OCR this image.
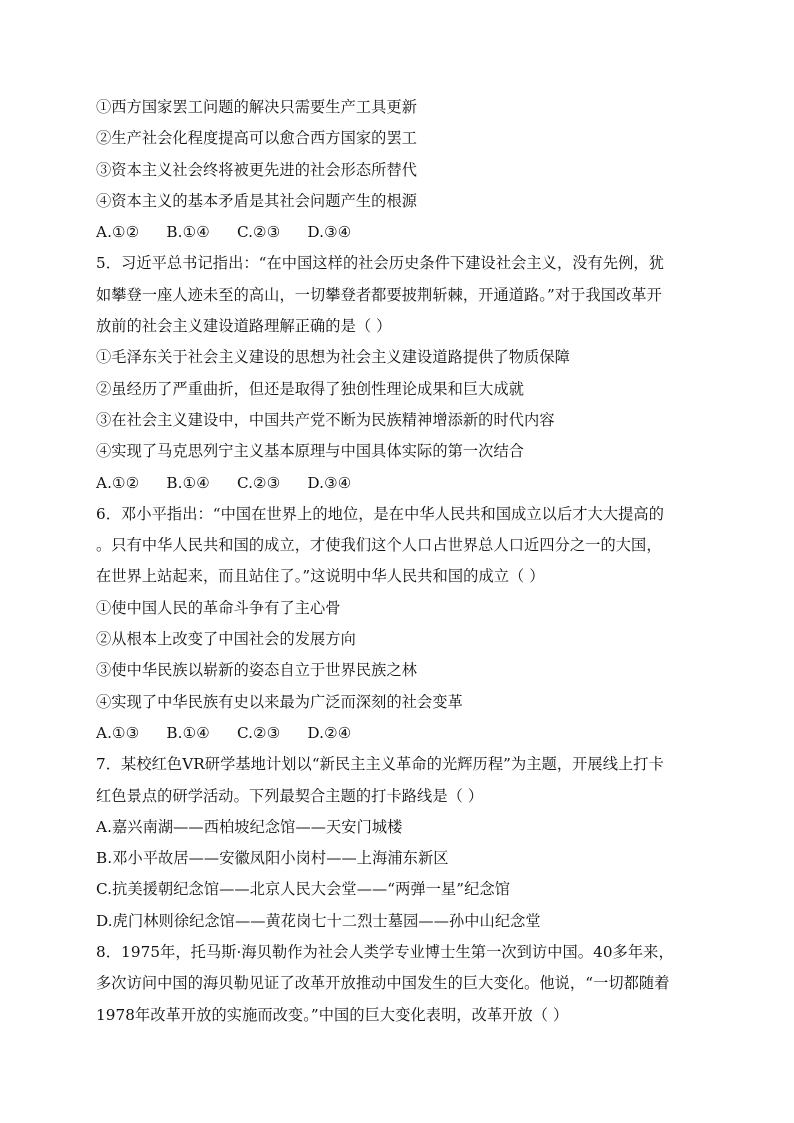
①西方国家罢工问题的解决只需要生产工具更新
②生产社会化程度提高可以愈合西方国家的罢工
③资本主义社会终将被更先进的社会形态所替代
④资本主义的基本矛盾是其社会问题产生的根源
A.①② B.①④ C.②③ D.③④
5．习近平总书记指出：“在中国这样的社会历史条件下建设社会主义，没有先例，犹
如攀登一座人迹未至的高山，一切攀登者都要披荆斩棘，开通道路。”对于我国改革开
放前的社会主义建设道路理解正确的是（ ）
①毛泽东关于社会主义建设的思想为社会主义建设道路提供了物质保障
②虽经历了严重曲折，但还是取得了独创性理论成果和巨大成就
③在社会主义建设中，中国共产党不断为民族精神增添新的时代内容
④实现了马克思列宁主义基本原理与中国具体实际的第一次结合
A.①② B.①④ C.②③ D.③④
6．邓小平指出：“中国在世界上的地位，是在中华人民共和国成立以后才大大提高的
。只有中华人民共和国的成立，才使我们这个人口占世界总人口近四分之一的大国，
在世界上站起来，而且站住了。”这说明中华人民共和国的成立（ ）
①使中国人民的革命斗争有了主心骨
②从根本上改变了中国社会的发展方向
③使中华民族以崭新的姿态自立于世界民族之林
④实现了中华民族有史以来最为广泛而深刻的社会变革
A.①③ B.①④ C.②③ D.②④
7．某校红色VR研学基地计划以“新民主主义革命的光辉历程”为主题，开展线上打卡
红色景点的研学活动。下列最契合主题的打卡路线是（ ）
A.嘉兴南湖——西柏坡纪念馆——天安门城楼
B.邓小平故居——安徽凤阳小岗村——上海浦东新区
C.抗美援朝纪念馆——北京人民大会堂——“两弹一星”纪念馆
D.虎门林则徐纪念馆——黄花岗七十二烈士墓园——孙中山纪念堂
8．1975年，托马斯·海贝勒作为社会人类学专业博士生第一次到访中国。40多年来，
多次访问中国的海贝勒见证了改革开放推动中国发生的巨大变化。他说，“一切都随着
1978年改革开放的实施而改变。”中国的巨大变化表明，改革开放（ ）
